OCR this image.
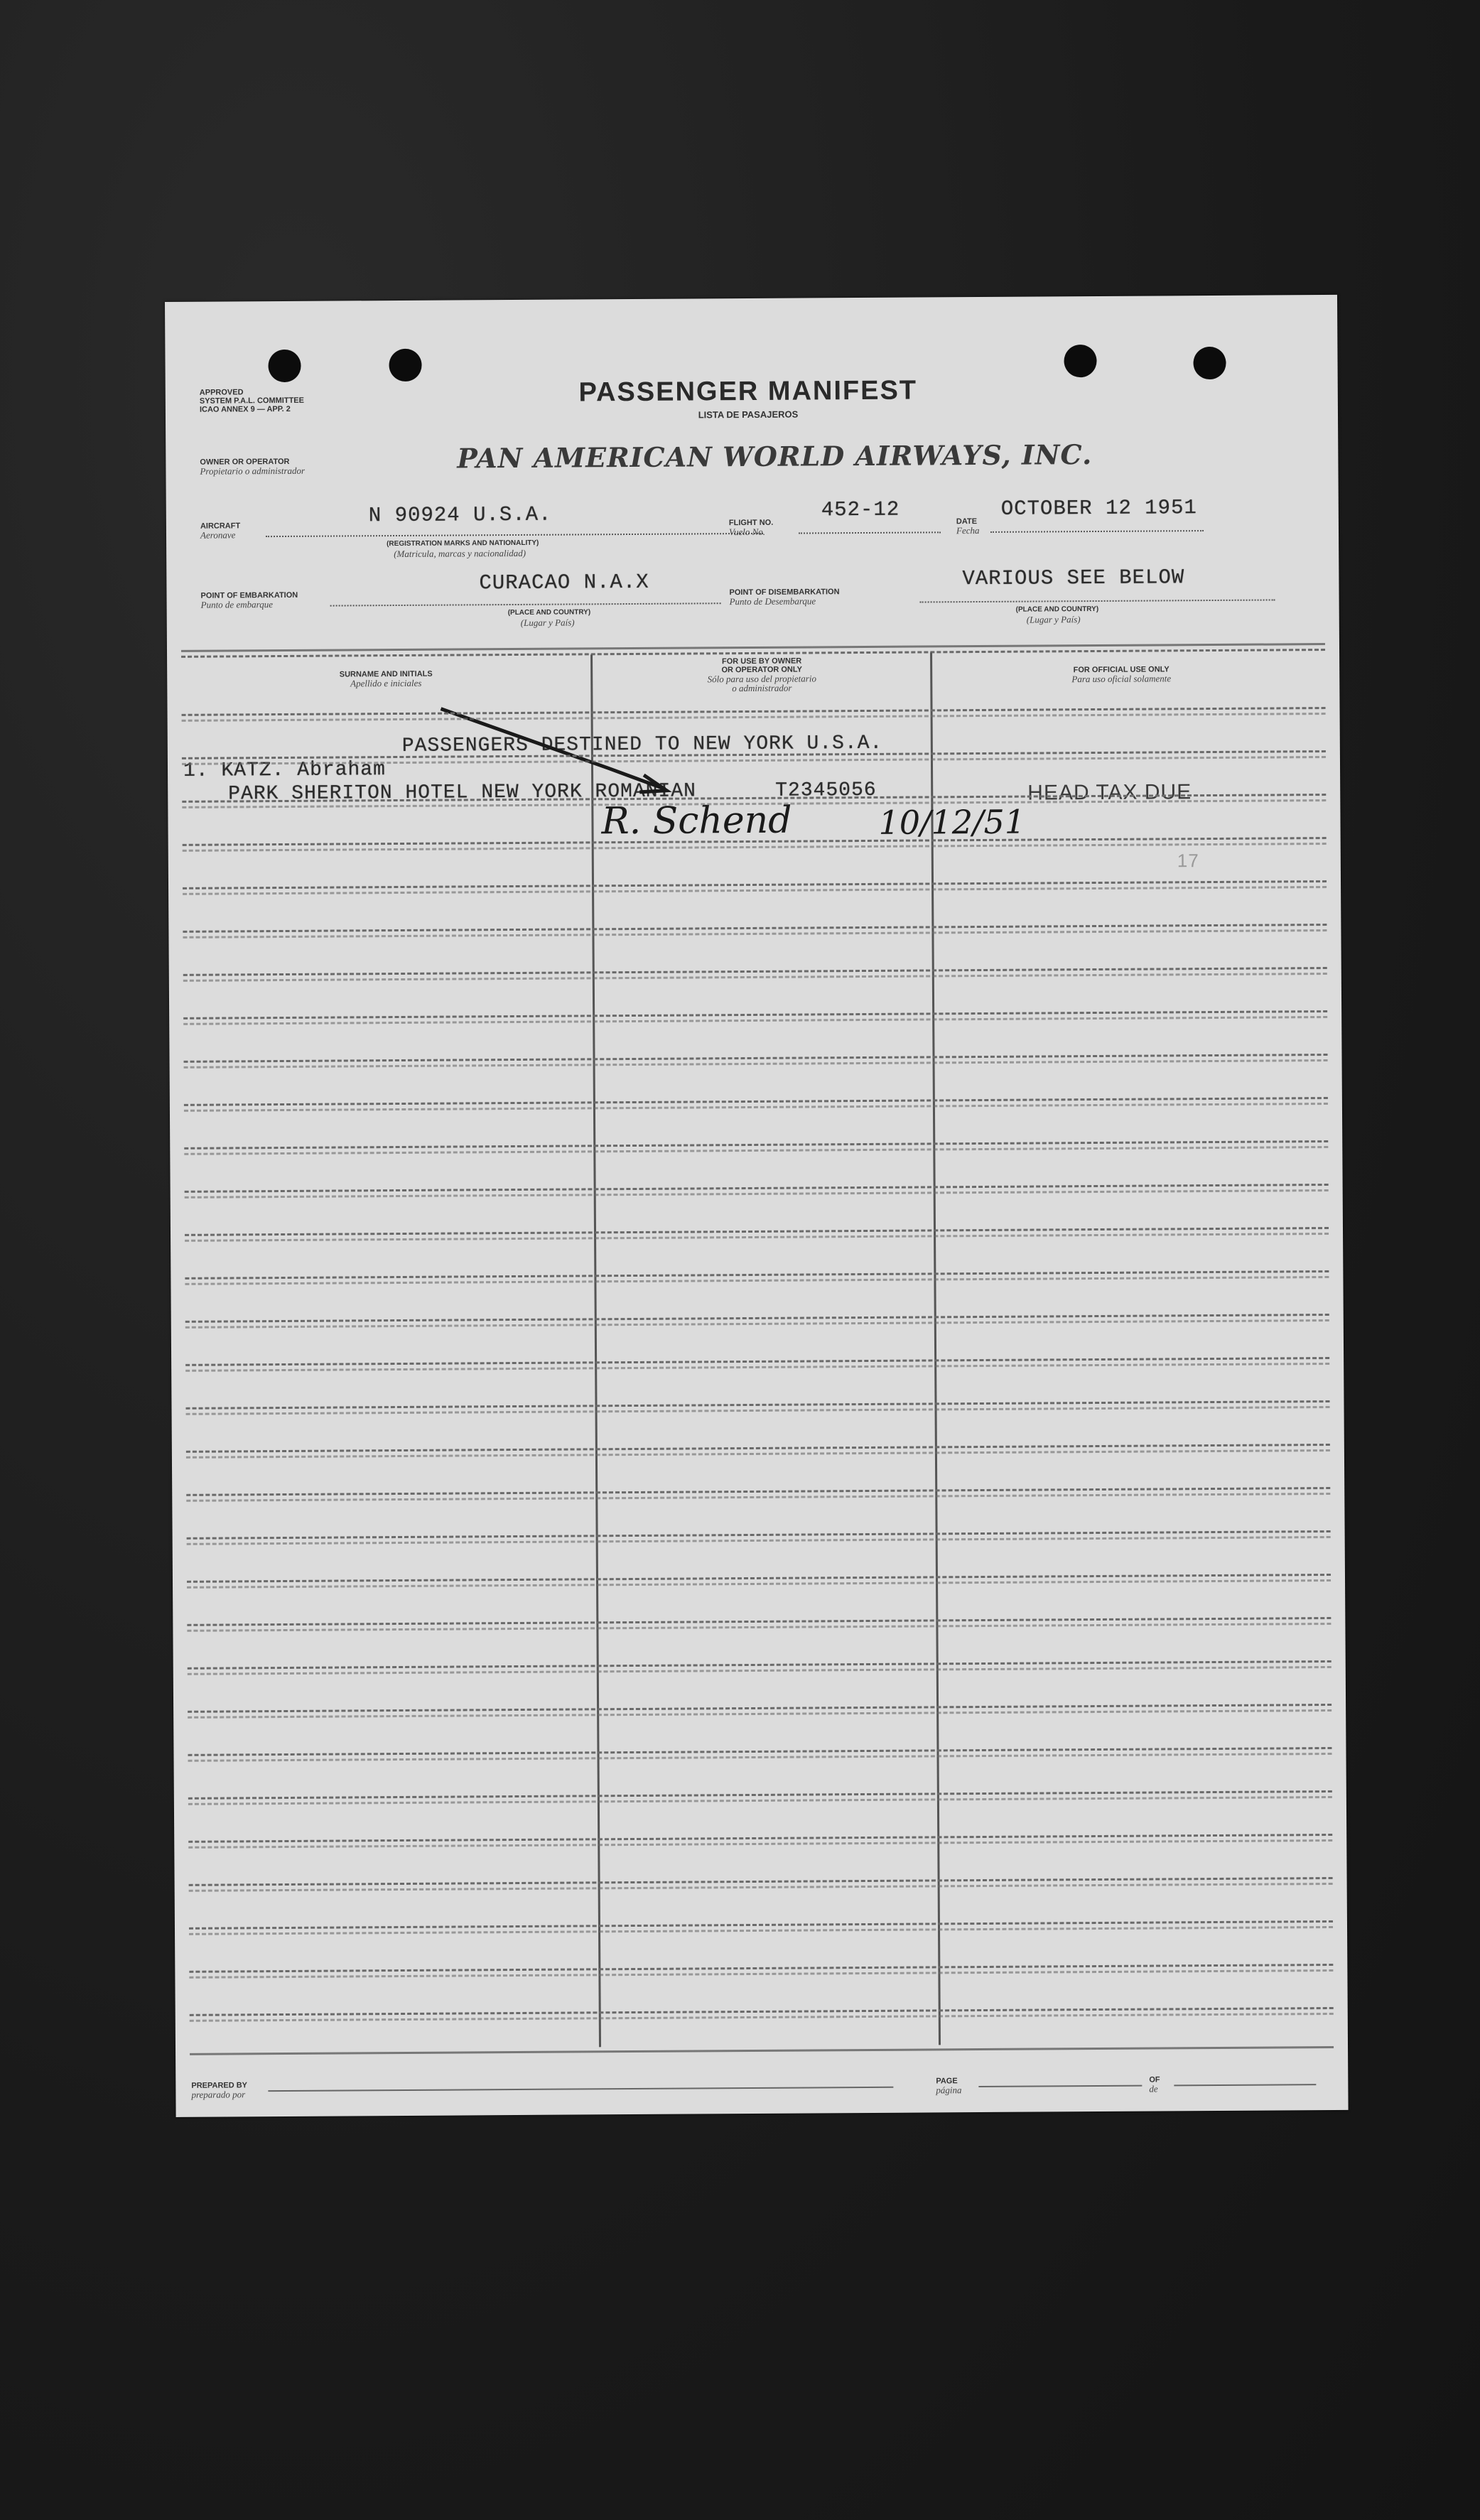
APPROVED
SYSTEM P.A.L. COMMITTEE
ICAO ANNEX 9 — APP. 2
PASSENGER MANIFEST
LISTA DE PASAJEROS
OWNER OR OPERATOR
Propietario o administrador	PAN AMERICAN WORLD AIRWAYS, INC.
AIRCRAFT
Aeronave
N 90924 U.S.A.
(REGISTRATION MARKS AND NATIONALITY)
(Matricula, marcas y nacionalidad)
FLIGHT NO.
Vuelo No.
452-12	DATE
Fecha
OCTOBER 12 1951
POINT OF EMBARKATION
Punto de embarque
CURACAO N.A.X
(PLACE AND COUNTRY)
(Lugar y País)
POINT OF DISEMBARKATION
Punto de Desembarque
VARIOUS SEE BELOW
(PLACE AND COUNTRY)
(Lugar y País)
SURNAME AND INITIALS
Apellido e iniciales
FOR USE BY OWNER
OR OPERATOR ONLY
Sólo para uso del propietario
o administrador
FOR OFFICIAL USE ONLY
Para uso oficial solamente
PASSENGERS DESTINED TO NEW YORK U.S.A.
1. KATZ. Abraham
PARK SHERITON HOTEL NEW YORK ROMANIAN	T2345056	HEAD TAX DUE
R. Schend	10/12/51
17
PREPARED BY
preparado por
PAGE
página
OF
de
